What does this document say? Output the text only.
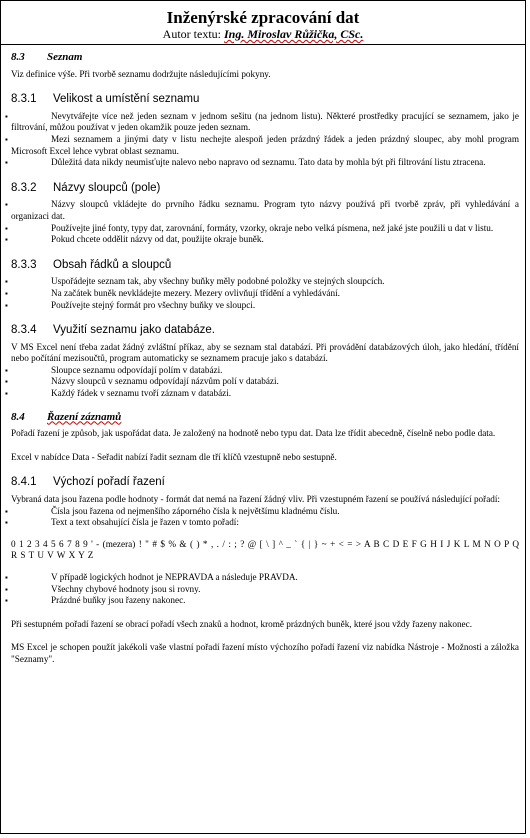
Inženýrské zpracování dat
Autor textu: Ing. Miroslav Růžička, CSc.
8.3 Seznam

Viz definice výše. Při tvorbě seznamu dodržujte následujícími pokyny.

8.3.1 Velikost a umístění seznamu
▪ Nevytvářejte více než jeden seznam v jednom sešitu (na jednom listu). Některé prostředky pracující se seznamem, jako je filtrování, můžou používat v jeden okamžik pouze jeden seznam.
▪ Mezi seznamem a jinými daty v listu nechejte alespoň jeden prázdný řádek a jeden prázdný sloupec, aby mohl program Microsoft Excel lehce vybrat oblast seznamu.
▪ Důležitá data nikdy neumisťujte nalevo nebo napravo od seznamu. Tato data by mohla být při filtrování listu ztracena.
8.3.2 Názvy sloupců (pole)
▪ Názvy sloupců vkládejte do prvního řádku seznamu. Program tyto názvy používá při tvorbě zpráv, při vyhledávání a organizaci dat.
▪ Používejte jiné fonty, typy dat, zarovnání, formáty, vzorky, okraje nebo velká písmena, než jaké jste použili u dat v listu.
▪ Pokud chcete oddělit názvy od dat, použijte okraje buněk.
8.3.3 Obsah řádků a sloupců
▪ Uspořádejte seznam tak, aby všechny buňky měly podobné položky ve stejných sloupcích.
▪ Na začátek buněk nevkládejte mezery. Mezery ovlivňují třídění a vyhledávání.
▪ Používejte stejný formát pro všechny buňky ve sloupci.
8.3.4 Využití seznamu jako databáze.

V MS Excel není třeba zadat žádný zvláštní příkaz, aby se seznam stal databází. Při provádění databázových úloh, jako hledání, třídění nebo počítání mezisoučtů, program automaticky se seznamem pracuje jako s databází.

▪ Sloupce seznamu odpovídají polím v databázi.
▪ Názvy sloupců v seznamu odpovídají názvům polí v databázi.
▪ Každý řádek v seznamu tvoří záznam v databázi.
8.4 Řazení záznamů

Pořadí řazení je způsob, jak uspořádat data. Je založený na hodnotě nebo typu dat. Data lze třídit abecedně, číselně nebo podle data.

Excel v nabídce Data - Seřadit nabízí řadit seznam dle tří klíčů vzestupně nebo sestupně.

8.4.1 Výchozí pořadí řazení

Vybraná data jsou řazena podle hodnoty - formát dat nemá na řazení žádný vliv. Při vzestupném řazení se používá následující pořadí:

▪ Čísla jsou řazena od nejmenšího záporného čísla k největšímu kladnému číslu.
▪ Text a text obsahující čísla je řazen v tomto pořadí:

0 1 2 3 4 5 6 7 8 9 ' - (mezera) ! " # $ % & ( ) * , . / : ; ? @ [ \ ] ^ _ ` { | } ~ + < = > A B C D E F G H I J K L M N O P Q R S T U V W X Y Z

▪ V případě logických hodnot je NEPRAVDA a následuje PRAVDA.
▪ Všechny chybové hodnoty jsou si rovny.
▪ Prázdné buňky jsou řazeny nakonec.

Při sestupném pořadí řazení se obrací pořadí všech znaků a hodnot, kromě prázdných buněk, které jsou vždy řazeny nakonec.

MS Excel je schopen použít jakékoli vaše vlastní pořadí řazení místo výchozího pořadí řazení viz nabídka Nástroje - Možnosti a záložka "Seznamy".
